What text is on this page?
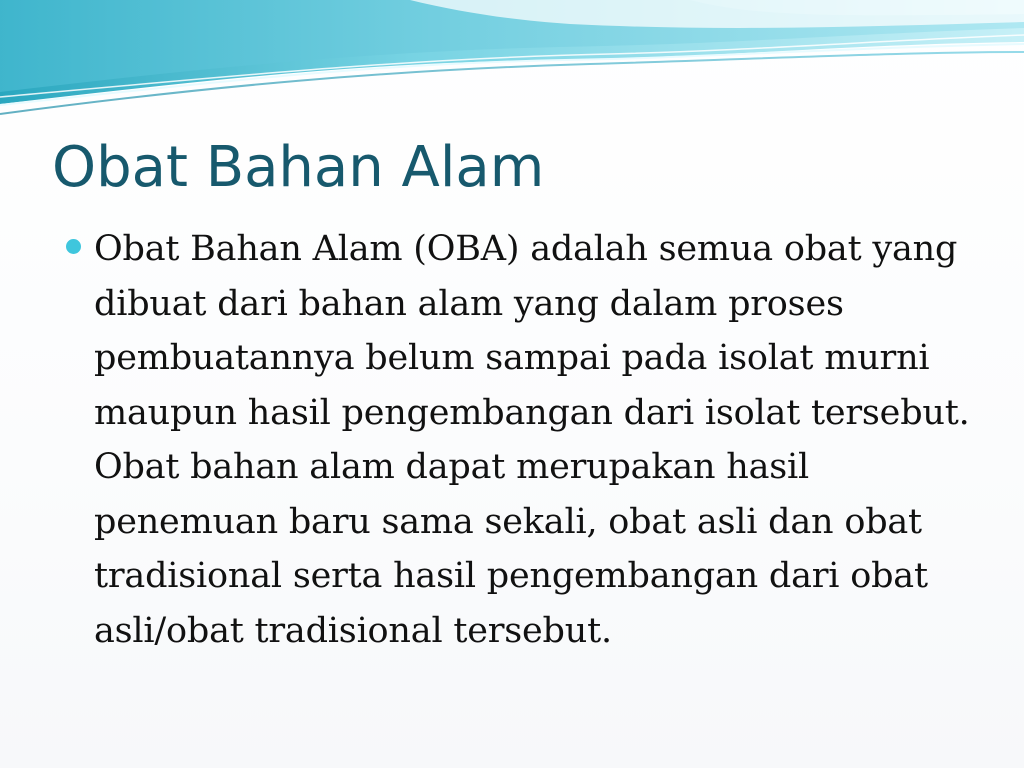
Obat Bahan Alam
Obat Bahan Alam (OBA) adalah semua obat yang dibuat dari bahan alam yang dalam proses pembuatannya belum sampai pada isolat murni maupun hasil pengembangan dari isolat tersebut. Obat bahan alam dapat merupakan hasil penemuan baru sama sekali, obat asli dan obat tradisional serta hasil pengembangan dari obat asli/obat tradisional tersebut.
